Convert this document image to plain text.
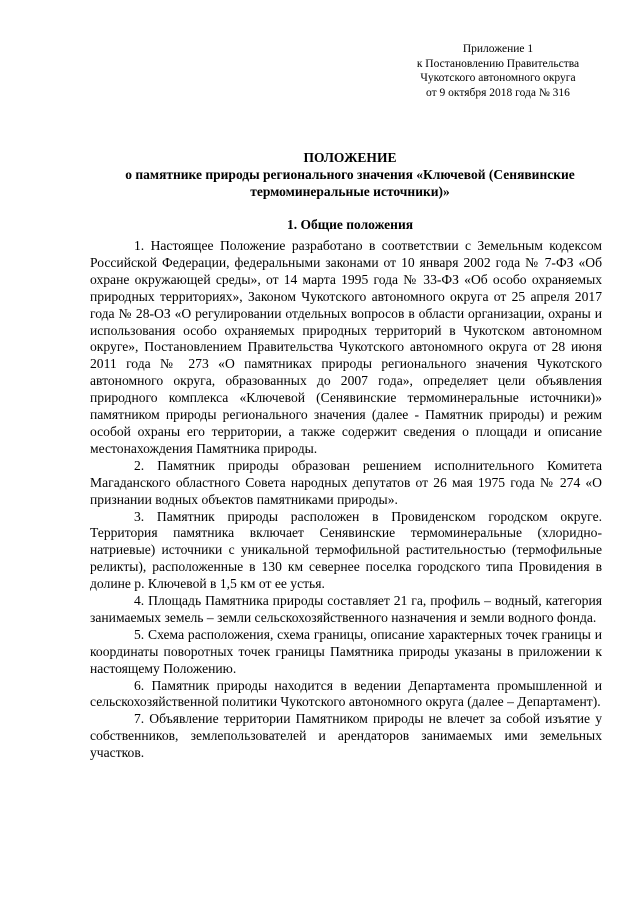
Приложение 1
к Постановлению Правительства
Чукотского автономного округа
от 9 октября 2018 года № 316
ПОЛОЖЕНИЕ
о памятнике природы регионального значения «Ключевой (Сенявинские
термоминеральные источники)»
1. Общие положения

1. Настоящее Положение разработано в соответствии с Земельным кодексом Российской Федерации, федеральными законами от 10 января 2002 года № 7-ФЗ «Об охране окружающей среды», от 14 марта 1995 года № 33-ФЗ «Об особо охраняемых природных территориях», Законом Чукотского автономного округа от 25 апреля 2017 года № 28-ОЗ «О регулировании отдельных вопросов в области организации, охраны и использования особо охраняемых природных территорий в Чукотском автономном округе», Постановлением Правительства Чукотского автономного округа от 28 июня 2011 года № 273 «О памятниках природы регионального значения Чукотского автономного округа, образованных до 2007 года», определяет цели объявления природного комплекса «Ключевой (Сенявинские термоминеральные источники)» памятником природы регионального значения (далее - Памятник природы) и режим особой охраны его территории, а также содержит сведения о площади и описание местонахождения Памятника природы.

2. Памятник природы образован решением исполнительного Комитета Магаданского областного Совета народных депутатов от 26 мая 1975 года № 274 «О признании водных объектов памятниками природы».

3. Памятник природы расположен в Провиденском городском округе. Территория памятника включает Сенявинские термоминеральные (хлоридно-натриевые) источники с уникальной термофильной растительностью (термофильные реликты), расположенные в 130 км севернее поселка городского типа Провидения в долине р. Ключевой в 1,5 км от ее устья.

4. Площадь Памятника природы составляет 21 га, профиль – водный, категория занимаемых земель – земли сельскохозяйственного назначения и земли водного фонда.

5. Схема расположения, схема границы, описание характерных точек границы и координаты поворотных точек границы Памятника природы указаны в приложении к настоящему Положению.

6. Памятник природы находится в ведении Департамента промышленной и сельскохозяйственной политики Чукотского автономного округа (далее – Департамент).

7. Объявление территории Памятником природы не влечет за собой изъятие у собственников, землепользователей и арендаторов занимаемых ими земельных участков.
